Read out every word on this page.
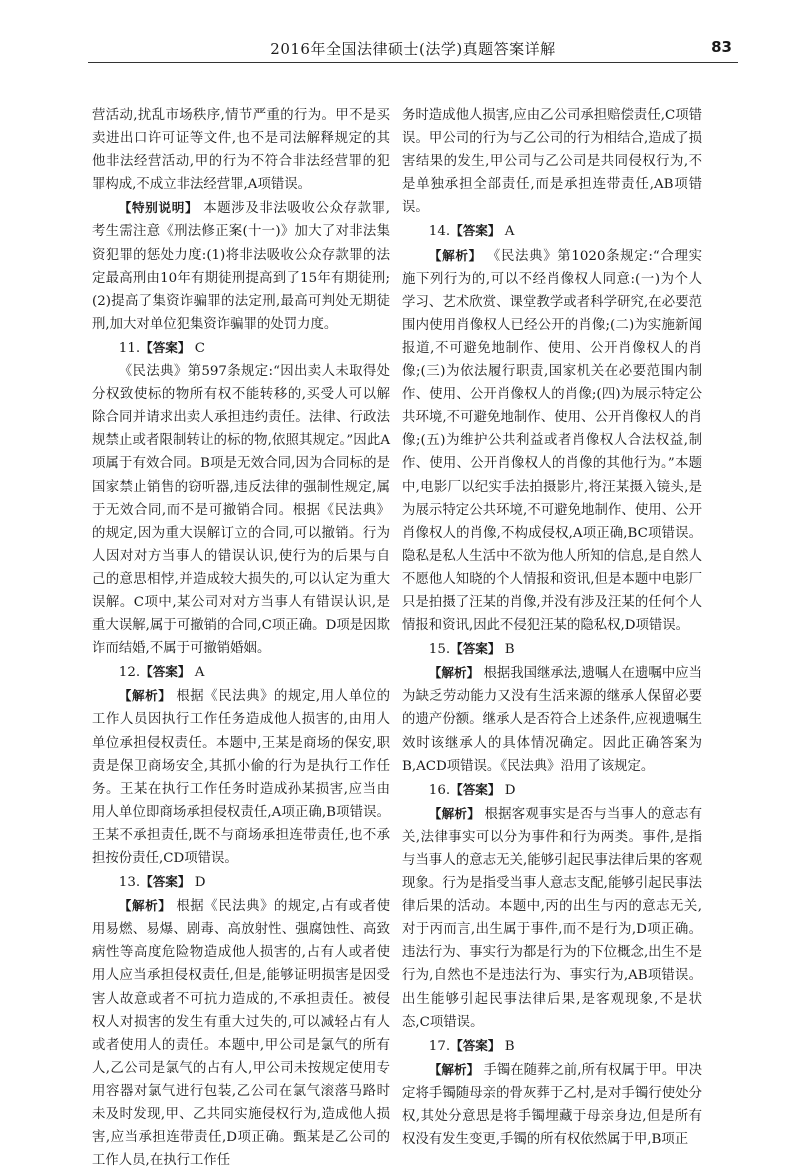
2016年全国法律硕士(法学)真题答案详解	83

营活动,扰乱市场秩序,情节严重的行为。甲不是买卖进出口许可证等文件,也不是司法解释规定的其他非法经营活动,甲的行为不符合非法经营罪的犯罪构成,不成立非法经营罪,A项错误。

【特别说明】 本题涉及非法吸收公众存款罪,考生需注意《刑法修正案(十一)》加大了对非法集资犯罪的惩处力度:(1)将非法吸收公众存款罪的法定最高刑由10年有期徒刑提高到了15年有期徒刑;(2)提高了集资诈骗罪的法定刑,最高可判处无期徒刑,加大对单位犯集资诈骗罪的处罚力度。

11.【答案】 C

《民法典》第597条规定:“因出卖人未取得处分权致使标的物所有权不能转移的,买受人可以解除合同并请求出卖人承担违约责任。法律、行政法规禁止或者限制转让的标的物,依照其规定。”因此A项属于有效合同。B项是无效合同,因为合同标的是国家禁止销售的窃听器,违反法律的强制性规定,属于无效合同,而不是可撤销合同。根据《民法典》的规定,因为重大误解订立的合同,可以撤销。行为人因对对方当事人的错误认识,使行为的后果与自己的意思相悖,并造成较大损失的,可以认定为重大误解。C项中,某公司对对方当事人有错误认识,是重大误解,属于可撤销的合同,C项正确。D项是因欺诈而结婚,不属于可撤销婚姻。

12.【答案】 A

【解析】 根据《民法典》的规定,用人单位的工作人员因执行工作任务造成他人损害的,由用人单位承担侵权责任。本题中,王某是商场的保安,职责是保卫商场安全,其抓小偷的行为是执行工作任务。王某在执行工作任务时造成孙某损害,应当由用人单位即商场承担侵权责任,A项正确,B项错误。王某不承担责任,既不与商场承担连带责任,也不承担按份责任,CD项错误。

13.【答案】 D

【解析】 根据《民法典》的规定,占有或者使用易燃、易爆、剧毒、高放射性、强腐蚀性、高致病性等高度危险物造成他人损害的,占有人或者使用人应当承担侵权责任,但是,能够证明损害是因受害人故意或者不可抗力造成的,不承担责任。被侵权人对损害的发生有重大过失的,可以减轻占有人或者使用人的责任。本题中,甲公司是氯气的所有人,乙公司是氯气的占有人,甲公司未按规定使用专用容器对氯气进行包装,乙公司在氯气滚落马路时未及时发现,甲、乙共同实施侵权行为,造成他人损害,应当承担连带责任,D项正确。甄某是乙公司的工作人员,在执行工作任

务时造成他人损害,应由乙公司承担赔偿责任,C项错误。甲公司的行为与乙公司的行为相结合,造成了损害结果的发生,甲公司与乙公司是共同侵权行为,不是单独承担全部责任,而是承担连带责任,AB项错误。

14.【答案】 A

【解析】 《民法典》第1020条规定:“合理实施下列行为的,可以不经肖像权人同意:(一)为个人学习、艺术欣赏、课堂教学或者科学研究,在必要范围内使用肖像权人已经公开的肖像;(二)为实施新闻报道,不可避免地制作、使用、公开肖像权人的肖像;(三)为依法履行职责,国家机关在必要范围内制作、使用、公开肖像权人的肖像;(四)为展示特定公共环境,不可避免地制作、使用、公开肖像权人的肖像;(五)为维护公共利益或者肖像权人合法权益,制作、使用、公开肖像权人的肖像的其他行为。”本题中,电影厂以纪实手法拍摄影片,将汪某摄入镜头,是为展示特定公共环境,不可避免地制作、使用、公开肖像权人的肖像,不构成侵权,A项正确,BC项错误。隐私是私人生活中不欲为他人所知的信息,是自然人不愿他人知晓的个人情报和资讯,但是本题中电影厂只是拍摄了汪某的肖像,并没有涉及汪某的任何个人情报和资讯,因此不侵犯汪某的隐私权,D项错误。

15.【答案】 B

【解析】 根据我国继承法,遗嘱人在遗嘱中应当为缺乏劳动能力又没有生活来源的继承人保留必要的遗产份额。继承人是否符合上述条件,应视遗嘱生效时该继承人的具体情况确定。因此正确答案为B,ACD项错误。《民法典》沿用了该规定。

16.【答案】 D

【解析】 根据客观事实是否与当事人的意志有关,法律事实可以分为事件和行为两类。事件,是指与当事人的意志无关,能够引起民事法律后果的客观现象。行为是指受当事人意志支配,能够引起民事法律后果的活动。本题中,丙的出生与丙的意志无关,对于丙而言,出生属于事件,而不是行为,D项正确。违法行为、事实行为都是行为的下位概念,出生不是行为,自然也不是违法行为、事实行为,AB项错误。出生能够引起民事法律后果,是客观现象,不是状态,C项错误。

17.【答案】 B

【解析】 手镯在随葬之前,所有权属于甲。甲决定将手镯随母亲的骨灰葬于乙村,是对手镯行使处分权,其处分意思是将手镯埋藏于母亲身边,但是所有权没有发生变更,手镯的所有权依然属于甲,B项正
